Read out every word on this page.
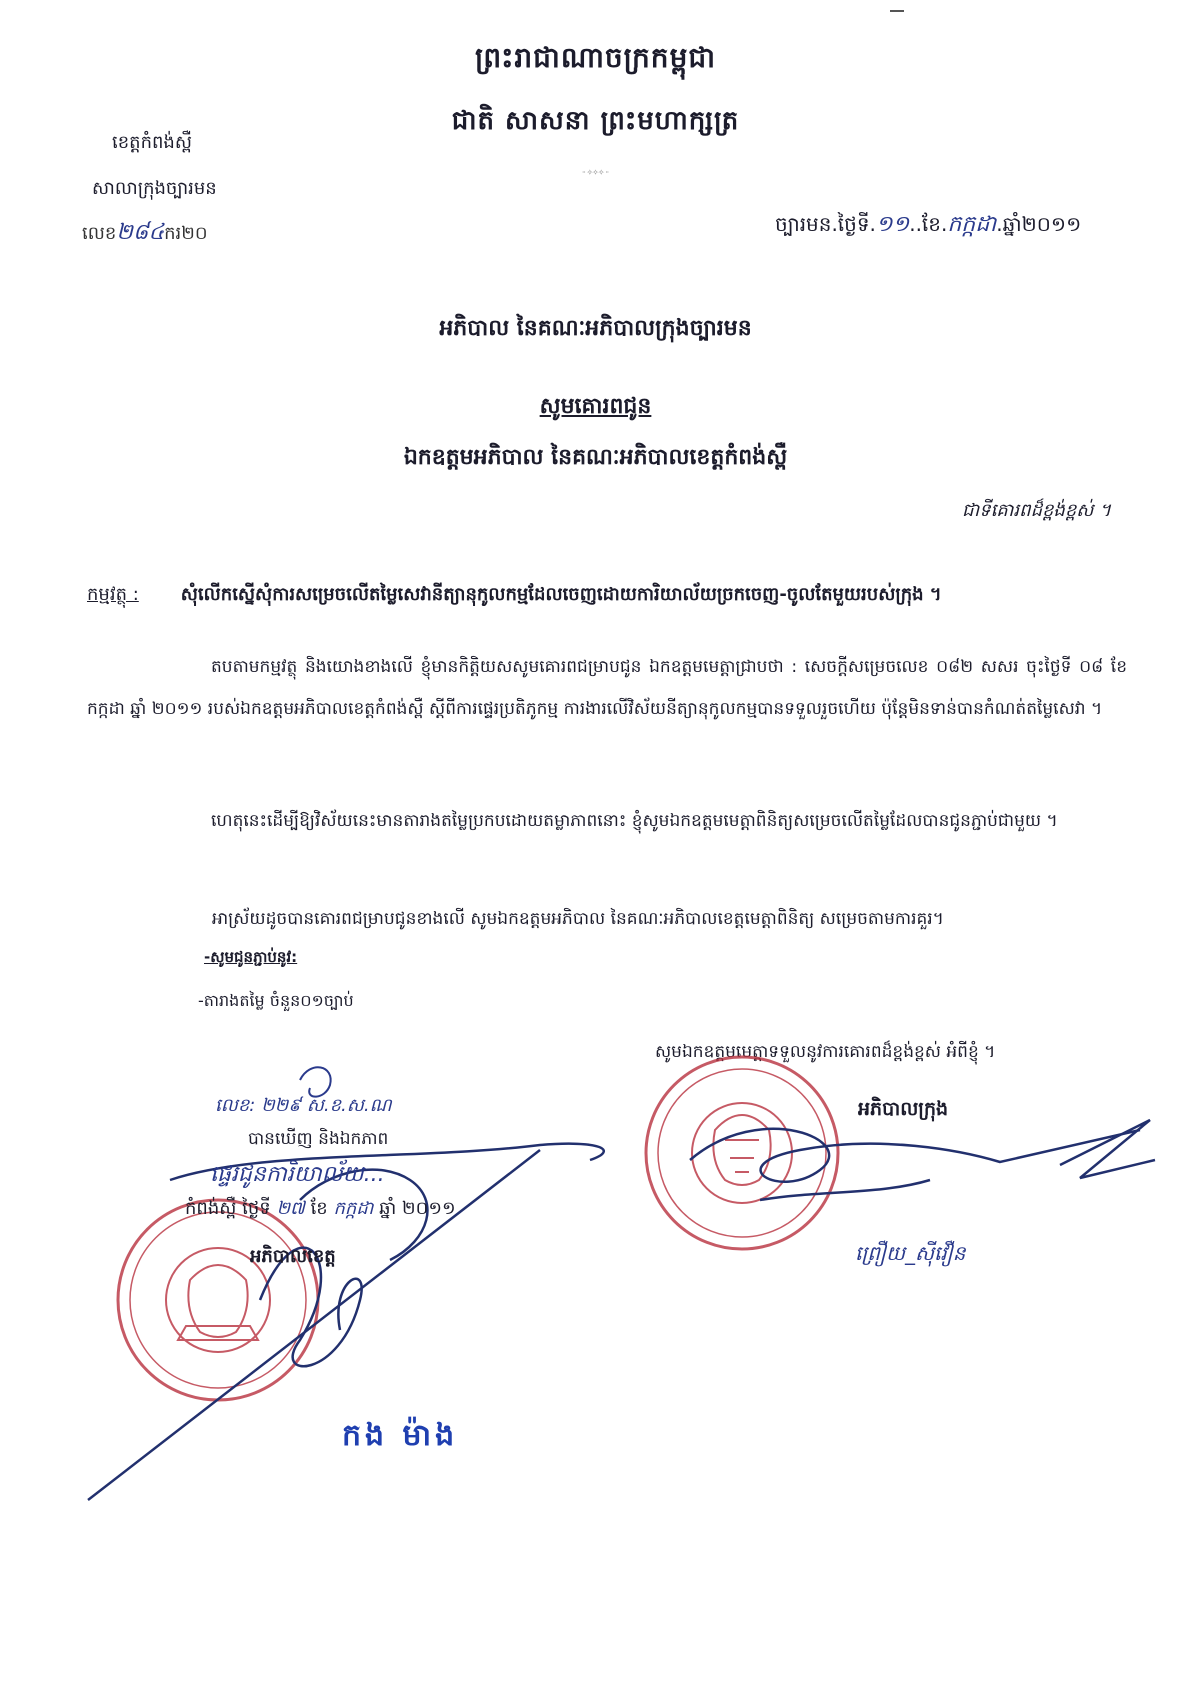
ព្រះរាជាណាចក្រកម្ពុជា
ជាតិ សាសនា ព្រះមហាក្សត្រ
·· ✧✧✧ ··
ខេត្តកំពង់ស្ពឺ
សាលាក្រុងច្បារមន
លេខ២៨៤ករ២០	ច្បារមន.ថ្ងៃទី.១១..ខែ.កក្កដា.ឆ្នាំ២០១១
អភិបាល នៃគណៈអភិបាលក្រុងច្បារមន
សូមគោរពជូន
ឯកឧត្តមអភិបាល នៃគណៈអភិបាលខេត្តកំពង់ស្ពឺ
ជាទីគោរពដ៏ខ្ពង់ខ្ពស់ ។
កម្មវត្ថុ : សុំលើកស្នើសុំការសម្រេចលើតម្លៃសេវានីត្យានុកូលកម្មដែលចេញដោយការិយាល័យច្រកចេញ-ចូលតែមួយរបស់ក្រុង ។
តបតាមកម្មវត្ថុ និងយោងខាងលើ ខ្ញុំមានកិត្តិយសសូមគោរពជម្រាបជូន ឯកឧត្តមមេត្តាជ្រាបថា : សេចក្តីសម្រេចលេខ ០៨២ សសរ ចុះថ្ងៃទី ០៨ ខែកក្កដា ឆ្នាំ ២០១១ របស់ឯកឧត្តមអភិបាលខេត្តកំពង់ស្ពឺ ស្តីពីការផ្ទេរប្រតិភូកម្ម ការងារលើវិស័យនីត្យានុកូលកម្មបានទទួលរួចហើយ ប៉ុន្តែមិនទាន់បានកំណត់តម្លៃសេវា ។
ហេតុនេះដើម្បីឱ្យវិស័យនេះមានតារាងតម្លៃប្រកបដោយតម្លាភាពនោះ ខ្ញុំសូមឯកឧត្តមមេត្តាពិនិត្យសម្រេចលើតម្លៃដែលបានជូនភ្ជាប់ជាមួយ ។
អាស្រ័យដូចបានគោរពជម្រាបជូនខាងលើ សូមឯកឧត្តមអភិបាល នៃគណៈអភិបាលខេត្តមេត្តាពិនិត្យ សម្រេចតាមការគួរ។
-សូមជូនភ្ជាប់នូវ:
-តារាងតម្លៃ ចំនួន០១ច្បាប់
សូមឯកឧត្តមមេត្តាទទួលនូវការគោរពដ៏ខ្ពង់ខ្ពស់ អំពីខ្ញុំ ។
លេខ: ២២៩ ស.ខ.ស.ណ
បានឃើញ និងឯកភាព
ផ្ទេរជូនការិយាល័យ...
កំពង់ស្ពឺ ថ្ងៃទី ២៧ ខែ កក្កដា ឆ្នាំ ២០១១
អភិបាលខេត្ត
កង ម៉ាង
អភិបាលក្រុង
ព្រឿយ_ស៊ីវឿន
